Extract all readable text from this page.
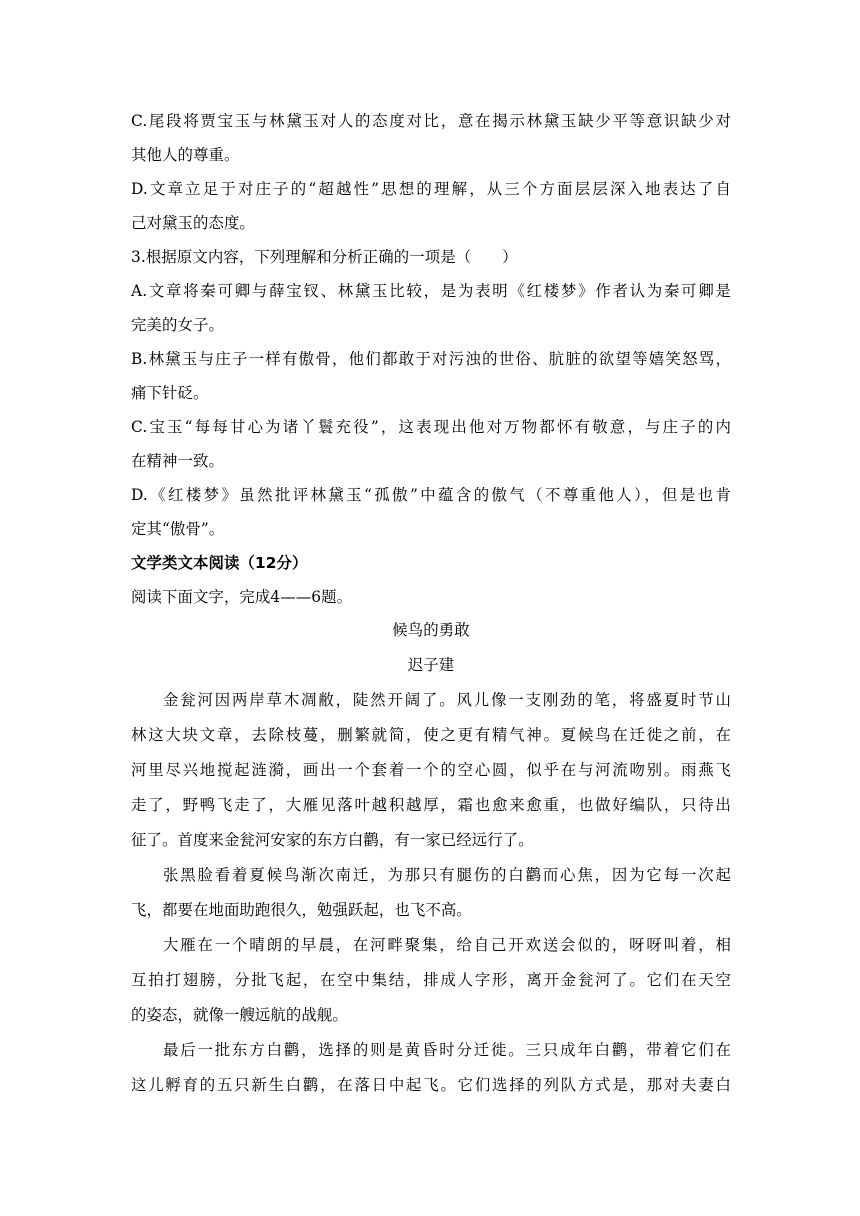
C.尾段将贾宝玉与林黛玉对人的态度对比，意在揭示林黛玉缺少平等意识缺少对
其他人的尊重。
D.文章立足于对庄子的“超越性”思想的理解，从三个方面层层深入地表达了自
己对黛玉的态度。
3.根据原文内容，下列理解和分析正确的一项是（　　）
A.文章将秦可卿与薛宝钗、林黛玉比较，是为表明《红楼梦》作者认为秦可卿是
完美的女子。
B.林黛玉与庄子一样有傲骨，他们都敢于对污浊的世俗、肮脏的欲望等嬉笑怒骂，
痛下针砭。
C.宝玉“每每甘心为诸丫鬟充役”，这表现出他对万物都怀有敬意，与庄子的内
在精神一致。
D.《红楼梦》虽然批评林黛玉“孤傲”中蕴含的傲气（不尊重他人），但是也肯
定其“傲骨”。
文学类文本阅读（12分）
阅读下面文字，完成4——6题。
候鸟的勇敢
迟子建
金瓮河因两岸草木凋敝，陡然开阔了。风儿像一支刚劲的笔，将盛夏时节山
林这大块文章，去除枝蔓，删繁就简，使之更有精气神。夏候鸟在迁徙之前，在
河里尽兴地搅起涟漪，画出一个套着一个的空心圆，似乎在与河流吻别。雨燕飞
走了，野鸭飞走了，大雁见落叶越积越厚，霜也愈来愈重，也做好编队，只待出
征了。首度来金瓮河安家的东方白鹳，有一家已经远行了。
张黑脸看着夏候鸟渐次南迁，为那只有腿伤的白鹳而心焦，因为它每一次起
飞，都要在地面助跑很久，勉强跃起，也飞不高。
大雁在一个晴朗的早晨，在河畔聚集，给自己开欢送会似的，呀呀叫着，相
互拍打翅膀，分批飞起，在空中集结，排成人字形，离开金瓮河了。它们在天空
的姿态，就像一艘远航的战舰。
最后一批东方白鹳，选择的则是黄昏时分迁徙。三只成年白鹳，带着它们在
这儿孵育的五只新生白鹳，在落日中起飞。它们选择的列队方式是，那对夫妻白
